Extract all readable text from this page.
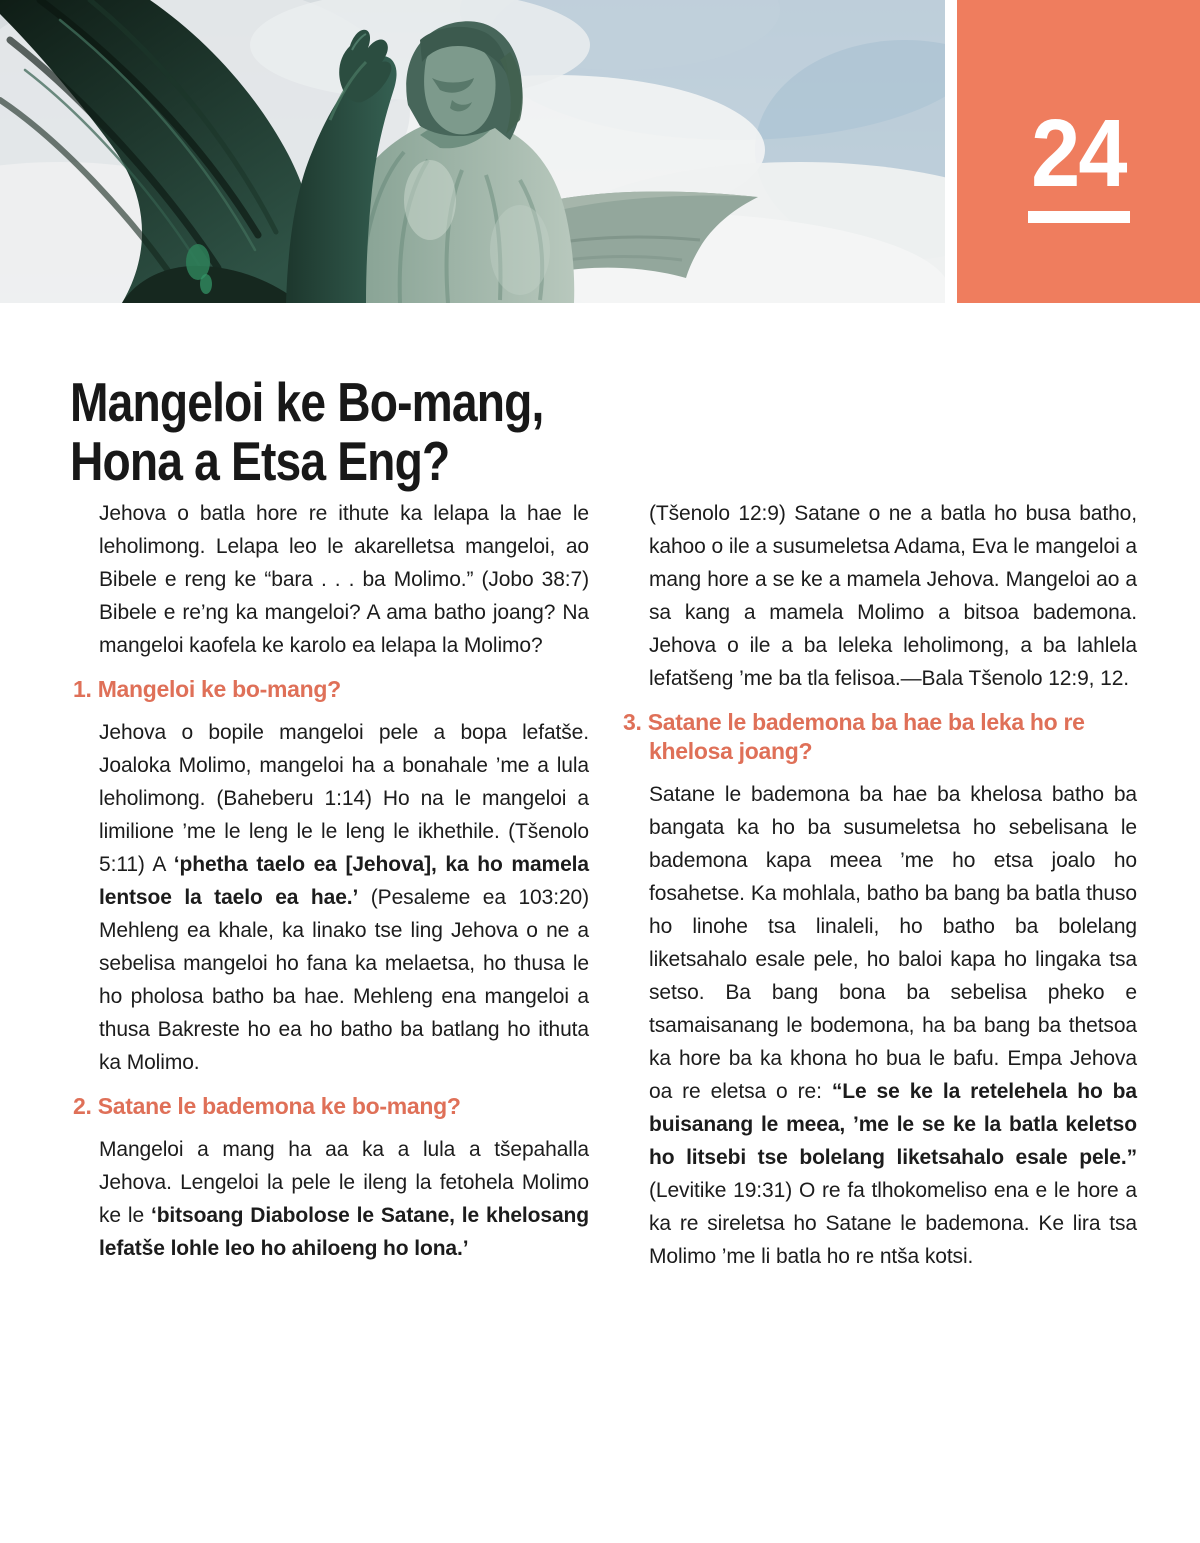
24
Mangeloi ke Bo-mang,
Hona a Etsa Eng?

Jehova o batla hore re ithute ka lelapa la hae le leholimong. Lelapa leo le akarelletsa mangeloi, ao Bibele e reng ke “bara . . . ba Molimo.” (Jobo 38:7) Bibele e re’ng ka mangeloi? A ama batho joang? Na mangeloi kaofela ke karolo ea lelapa la Molimo?

1. Mangeloi ke bo-mang?

Jehova o bopile mangeloi pele a bopa lefatše. Joaloka Molimo, mangeloi ha a bonahale ’me a lula leholimong. (Baheberu 1:14) Ho na le mangeloi a limilione ’me le leng le le leng le ikhethile. (Tšenolo 5:11) A ‘phetha taelo ea [Jehova], ka ho mamela lentsoe la taelo ea hae.’ (Pesaleme ea 103:20) Mehleng ea khale, ka linako tse ling Jehova o ne a sebelisa mangeloi ho fana ka melaetsa, ho thusa le ho pholosa batho ba hae. Mehleng ena mangeloi a thusa Bakreste ho ea ho batho ba batlang ho ithuta ka Molimo.

2. Satane le bademona ke bo-mang?

Mangeloi a mang ha aa ka a lula a tšepahalla Jehova. Lengeloi la pele le ileng la fetohela Molimo ke le ‘bitsoang Diabolose le Satane, le khelosang lefatše lohle leo ho ahiloeng ho lona.’

(Tšenolo 12:9) Satane o ne a batla ho busa batho, kahoo o ile a susumeletsa Adama, Eva le mangeloi a mang hore a se ke a mamela Jehova. Mangeloi ao a sa kang a mamela Molimo a bitsoa bademona. Jehova o ile a ba leleka leholimong, a ba lahlela lefatšeng ’me ba tla felisoa.—Bala Tšenolo 12:9, 12.

3. Satane le bademona ba hae ba leka ho re khelosa joang?

Satane le bademona ba hae ba khelosa batho ba bangata ka ho ba susumeletsa ho sebelisana le bademona kapa meea ’me ho etsa joalo ho fosahetse. Ka mohlala, batho ba bang ba batla thuso ho linohe tsa linaleli, ho batho ba bolelang liketsahalo esale pele, ho baloi kapa ho lingaka tsa setso. Ba bang bona ba sebelisa pheko e tsamaisanang le bodemona, ha ba bang ba thetsoa ka hore ba ka khona ho bua le bafu. Empa Jehova oa re eletsa o re: “Le se ke la retelehela ho ba buisanang le meea, ’me le se ke la batla keletso ho litsebi tse bolelang liketsahalo esale pele.” (Levitike 19:31) O re fa tlhokomeliso ena e le hore a ka re sireletsa ho Satane le bademona. Ke lira tsa Molimo ’me li batla ho re ntša kotsi.
